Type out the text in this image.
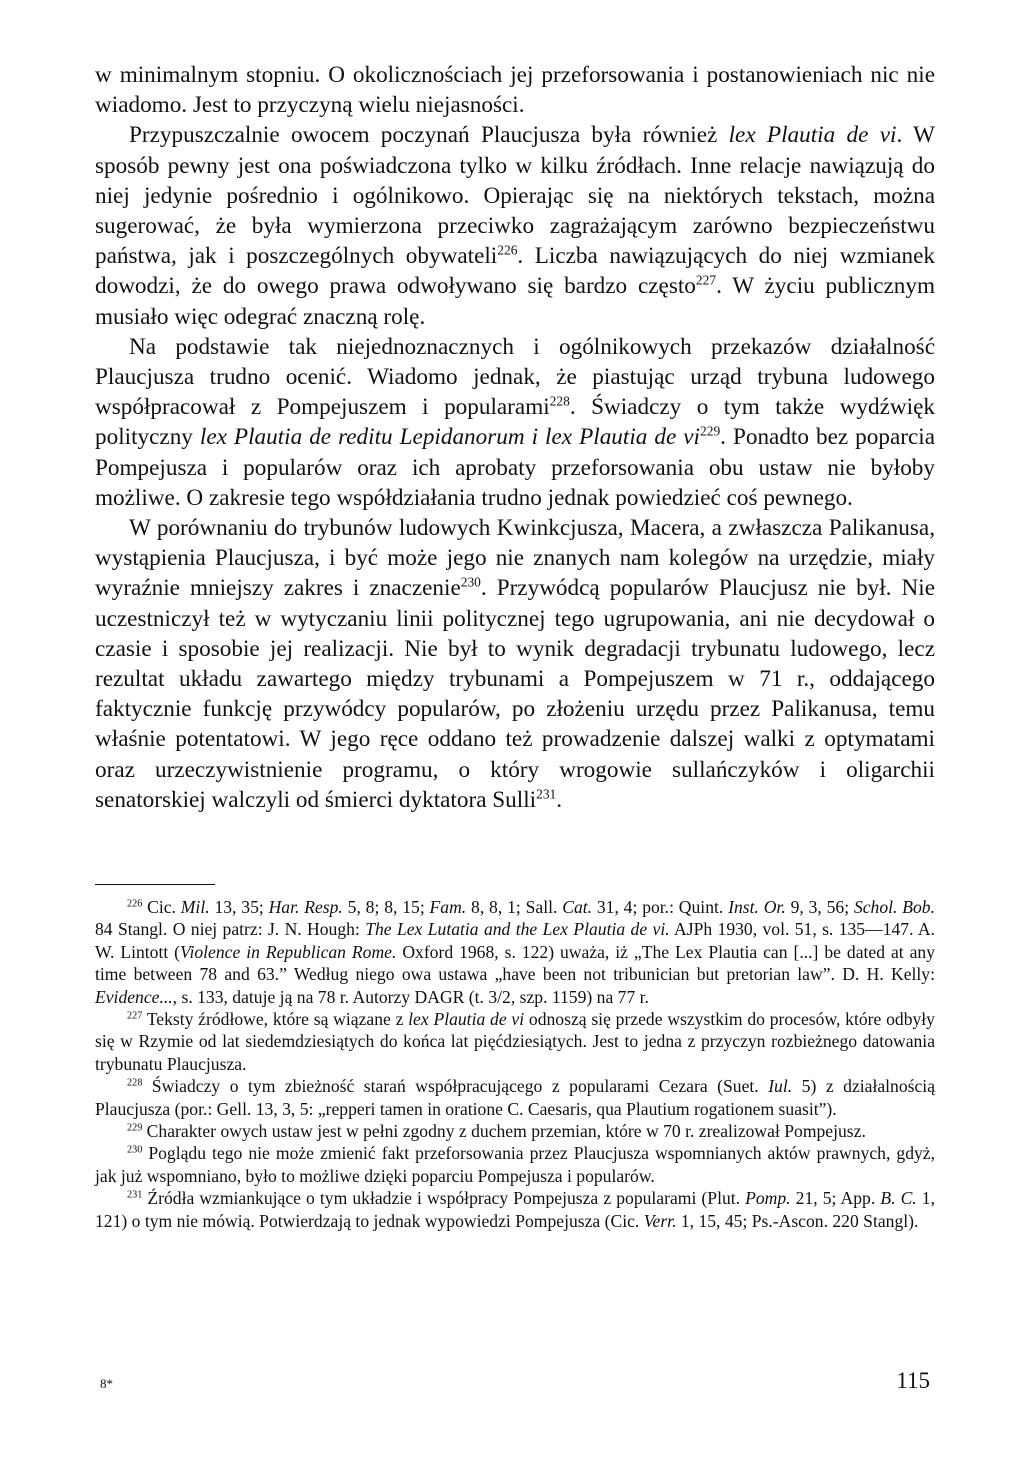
w minimalnym stopniu. O okolicznościach jej przeforsowania i postanowieniach nic nie wiadomo. Jest to przyczyną wielu niejasności.

Przypuszczalnie owocem poczynań Plaucjusza była również lex Plautia de vi. W sposób pewny jest ona poświadczona tylko w kilku źródłach. Inne relacje nawiązują do niej jedynie pośrednio i ogólnikowo. Opierając się na niektórych tekstach, można sugerować, że była wymierzona przeciwko zagrażającym zarówno bezpieczeństwu państwa, jak i poszczególnych obywateli$^{226}$. Liczba nawiązujących do niej wzmianek dowodzi, że do owego prawa odwoływano się bardzo często$^{227}$. W życiu publicznym musiało więc odegrać znaczną rolę.

Na podstawie tak niejednoznacznych i ogólnikowych przekazów działalność Plaucjusza trudno ocenić. Wiadomo jednak, że piastując urząd trybuna ludowego współpracował z Pompejuszem i popularami$^{228}$. Świadczy o tym także wydźwięk polityczny lex Plautia de reditu Lepidanorum i lex Plautia de $vi^{229}$. Ponadto bez poparcia Pompejusza i popularów oraz ich aprobaty przeforsowania obu ustaw nie byłoby możliwe. O zakresie tego współdziałania trudno jednak powiedzieć coś pewnego.

W porównaniu do trybunów ludowych Kwinkcjusza, Macera, a zwłaszcza Palikanusa, wystąpienia Plaucjusza, i być może jego nie znanych nam kolegów na urzędzie, miały wyraźnie mniejszy zakres i znaczenie$^{230}$. Przywódcą popularów Plaucjusz nie był. Nie uczestniczył też w wytyczaniu linii politycznej tego ugrupowania, ani nie decydował o czasie i sposobie jej realizacji. Nie był to wynik degradacji trybunatu ludowego, lecz rezultat układu zawartego między trybunami a Pompejuszem w 71 r., oddającego faktycznie funkcję przywódcy popularów, po złożeniu urzędu przez Palikanusa, temu właśnie potentatowi. W jego ręce oddano też prowadzenie dalszej walki z optymatami oraz urzeczywistnienie programu, o który wrogowie sullańczyków i oligarchii senatorskiej walczyli od śmierci dyktatora Sulli$^{231}$.

$^{226}$ Cic. Mil. 13, 35; Har. Resp. 5, 8; 8, 15; Fam. 8, 8, 1; Sall. Cat. 31, 4; por.: Quint. Inst. Or. 9, 3, 56; Schol. Bob. 84 Stangl. O niej patrz: J. N. Hough: The Lex Lutatia and the Lex Plautia de vi. AJPh 1930, vol. 51, s. 135—147. A. W. Lintott (Violence in Republican Rome. Oxford 1968, s. 122) uważa, iż „The Lex Plautia can [...] be dated at any time between 78 and 63.” Według niego owa ustawa „have been not tribunician but pretorian law”. D. H. Kelly: Evidence..., s. 133, datuje ją na 78 r. Autorzy DAGR (t. 3/2, szp. 1159) na 77 r.

$^{227}$ Teksty źródłowe, które są wiązane z lex Plautia de vi odnoszą się przede wszystkim do procesów, które odbyły się w Rzymie od lat siedemdziesiątych do końca lat pięćdziesiątych. Jest to jedna z przyczyn rozbieżnego datowania trybunatu Plaucjusza.

$^{228}$ Świadczy o tym zbieżność starań współpracującego z popularami Cezara (Suet. Iul. 5) z działalnością Plaucjusza (por.: Gell. 13, 3, 5: „repperi tamen in oratione C. Caesaris, qua Plautium rogationem suasit”).

$^{229}$ Charakter owych ustaw jest w pełni zgodny z duchem przemian, które w 70 r. zrealizował Pompejusz.

$^{230}$ Poglądu tego nie może zmienić fakt przeforsowania przez Plaucjusza wspomnianych aktów prawnych, gdyż, jak już wspomniano, było to możliwe dzięki poparciu Pompejusza i popularów.

$^{231}$ Źródła wzmiankujące o tym układzie i współpracy Pompejusza z popularami (Plut. Pomp. 21, 5; App. B. C. 1, 121) o tym nie mówią. Potwierdzają to jednak wypowiedzi Pompejusza (Cic. Verr. 1, 15, 45; Ps.-Ascon. 220 Stangl).

8*	115
